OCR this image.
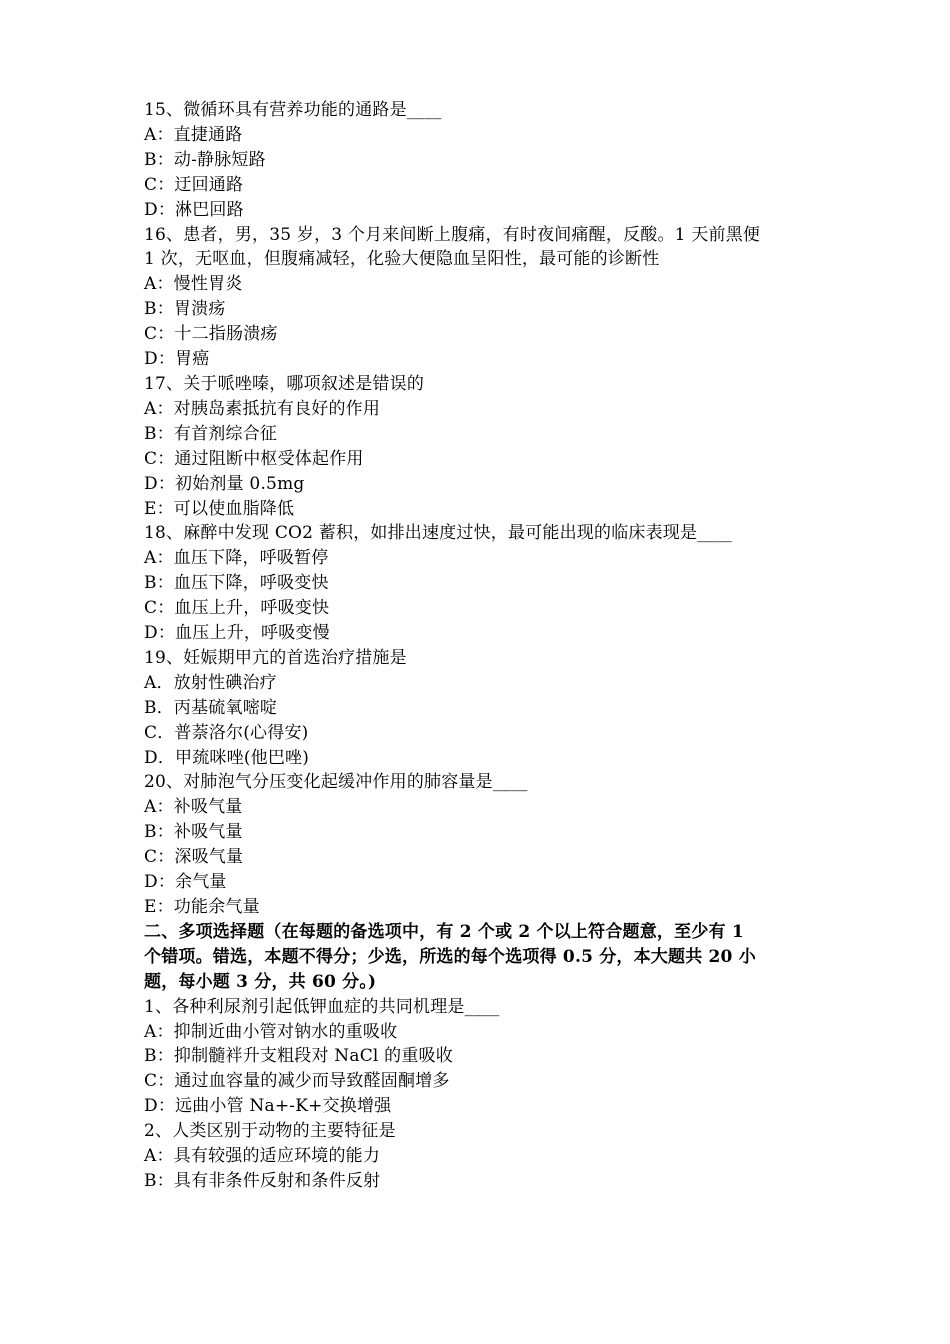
15、微循环具有营养功能的通路是____
A：直捷通路
B：动-静脉短路
C：迂回通路
D：淋巴回路
16、患者，男，35 岁，3 个月来间断上腹痛，有时夜间痛醒，反酸。1 天前黑便
1 次，无呕血，但腹痛减轻，化验大便隐血呈阳性，最可能的诊断性
A：慢性胃炎
B：胃溃疡
C：十二指肠溃疡
D：胃癌
17、关于哌唑嗪，哪项叙述是错误的
A：对胰岛素抵抗有良好的作用
B：有首剂综合征
C：通过阻断中枢受体起作用
D：初始剂量 0.5mg
E：可以使血脂降低
18、麻醉中发现 CO2 蓄积，如排出速度过快，最可能出现的临床表现是____
A：血压下降，呼吸暂停
B：血压下降，呼吸变快
C：血压上升，呼吸变快
D：血压上升，呼吸变慢
19、妊娠期甲亢的首选治疗措施是
A．放射性碘治疗
B．丙基硫氧嘧啶
C．普萘洛尔(心得安)
D．甲巯咪唑(他巴唑)
20、对肺泡气分压变化起缓冲作用的肺容量是____
A：补吸气量
B：补吸气量
C：深吸气量
D：余气量
E：功能余气量
二、多项选择题（在每题的备选项中，有 2 个或 2 个以上符合题意，至少有 1
个错项。错选，本题不得分；少选，所选的每个选项得 0.5 分，本大题共 20 小
题，每小题 3 分，共 60 分。)
1、各种利尿剂引起低钾血症的共同机理是____
A：抑制近曲小管对钠水的重吸收
B：抑制髓袢升支粗段对 NaCl 的重吸收
C：通过血容量的减少而导致醛固酮增多
D：远曲小管 Na+-K+交换增强
2、人类区别于动物的主要特征是
A：具有较强的适应环境的能力
B：具有非条件反射和条件反射
